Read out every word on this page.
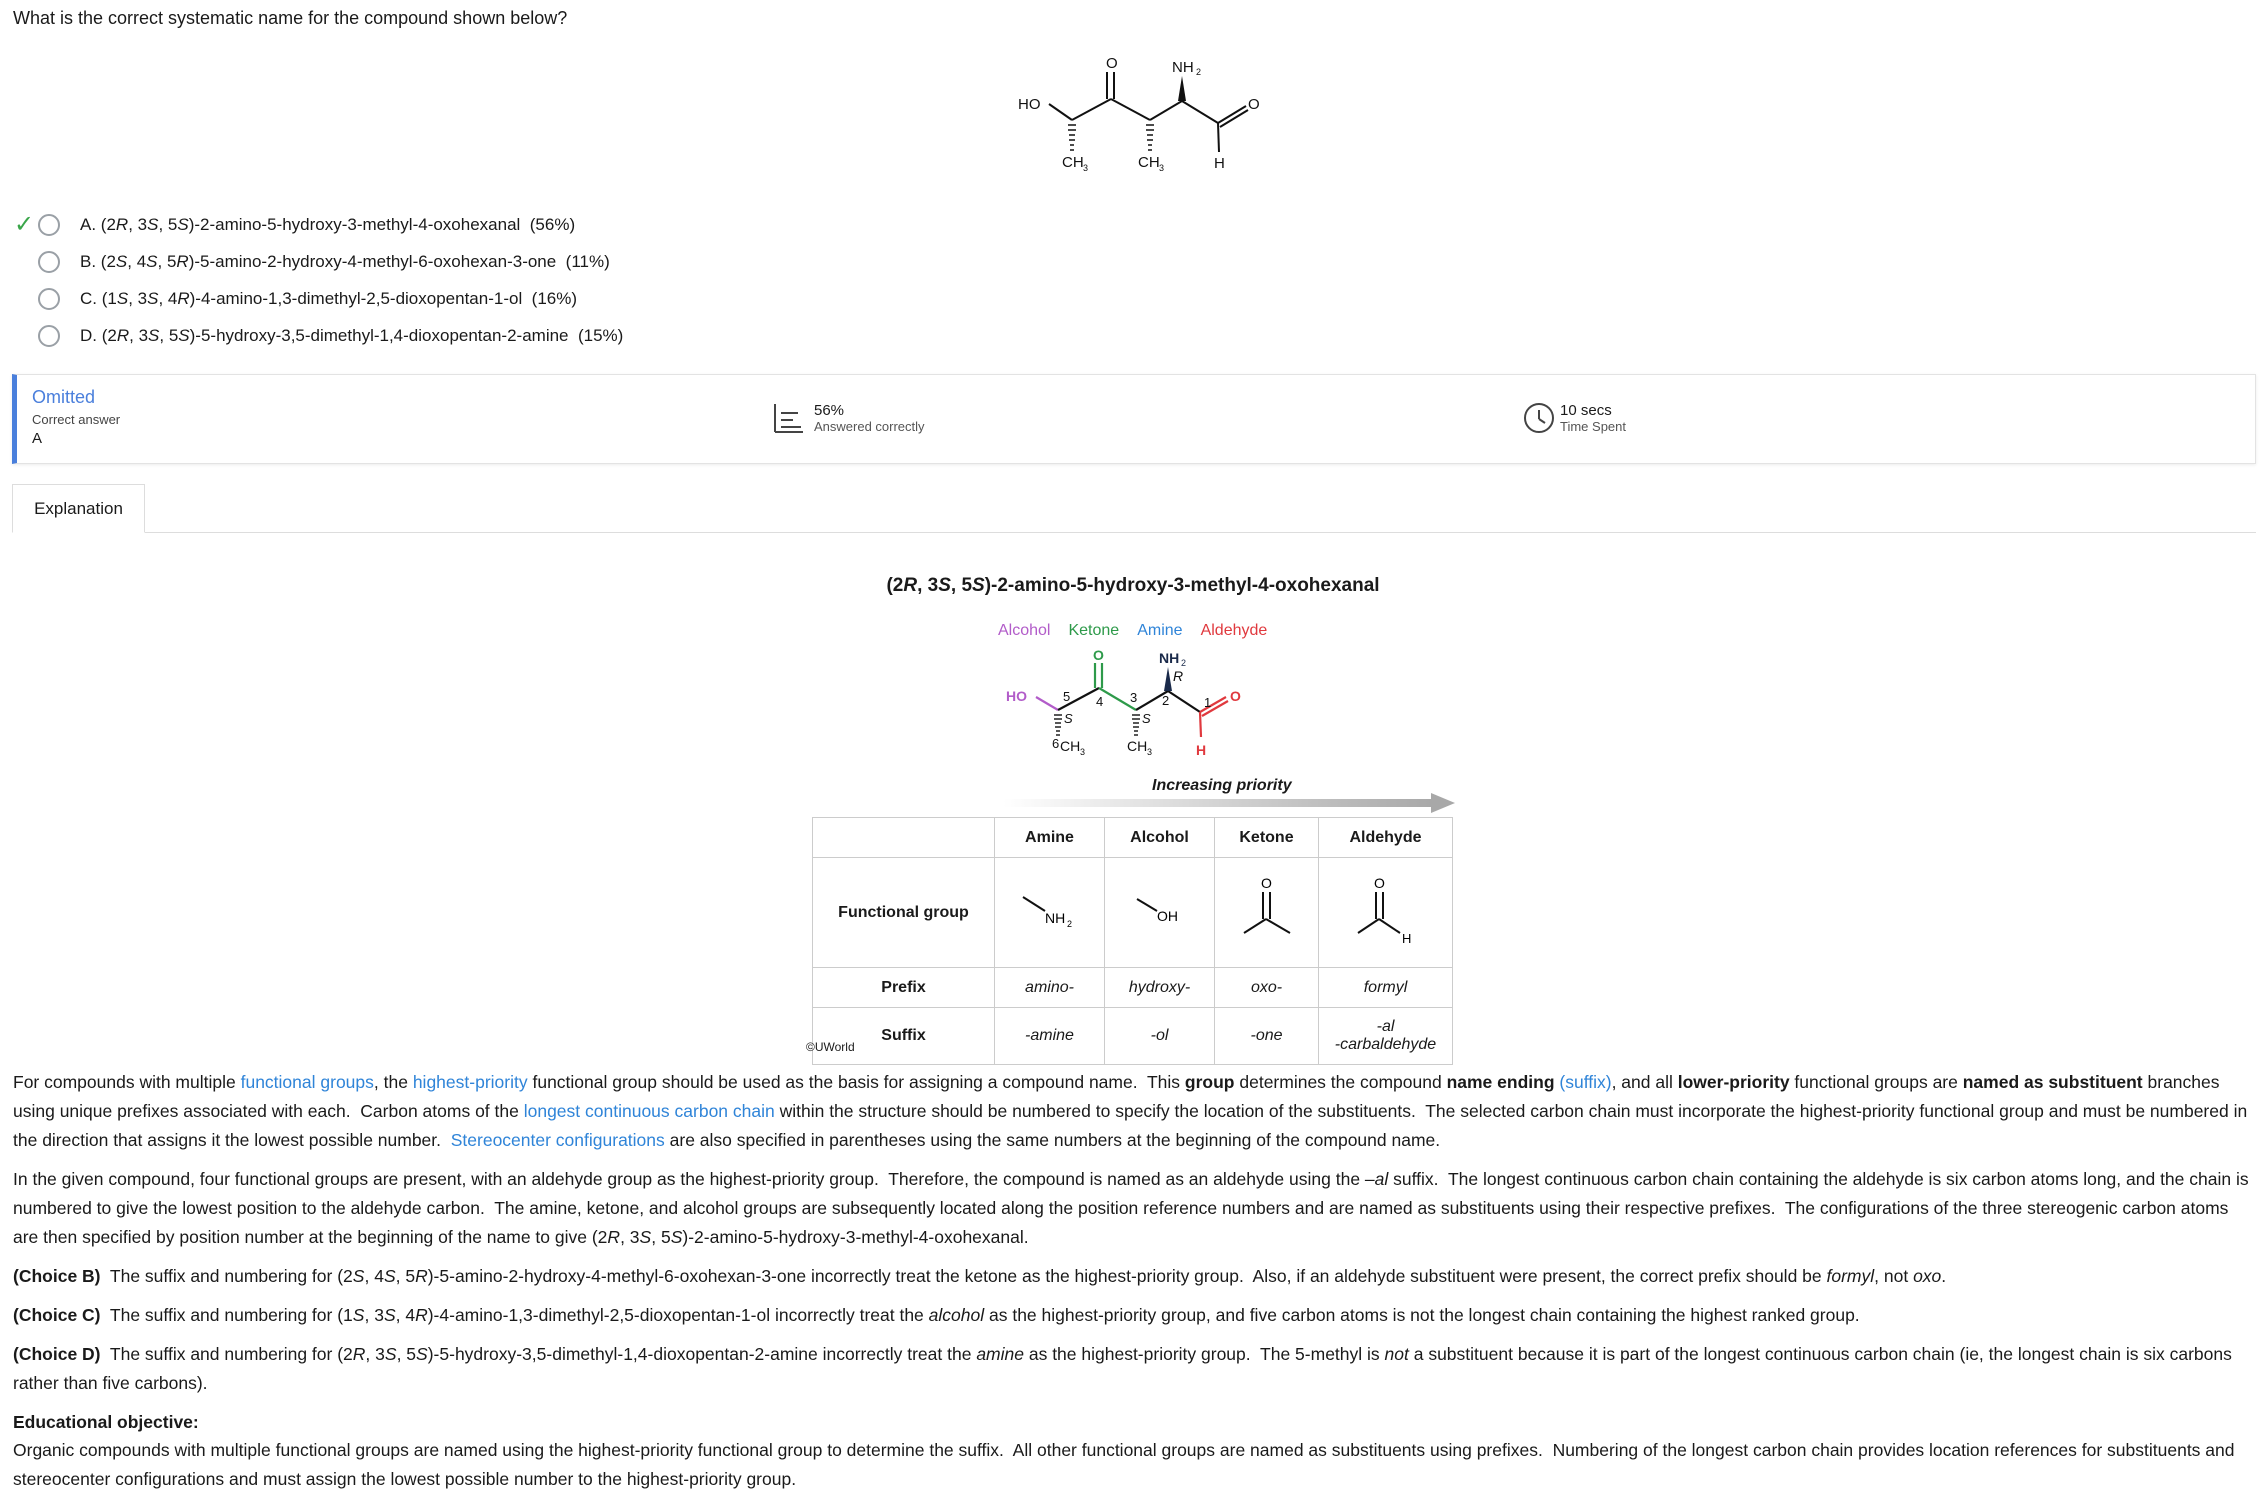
What is the correct systematic name for the compound shown below?
HO
O	NH 2
CH 3	CH 3
O
H
✓	A. (2R, 3S, 5S)-2-amino-5-hydroxy-3-methyl-4-oxohexanal  (56%)
B. (2S, 4S, 5R)-5-amino-2-hydroxy-4-methyl-6-oxohexan-3-one  (11%)
C. (1S, 3S, 4R)-4-amino-1,3-dimethyl-2,5-dioxopentan-1-ol  (16%)
D. (2R, 3S, 5S)-5-hydroxy-3,5-dimethyl-1,4-dioxopentan-2-amine  (15%)
Omitted
Correct answer
A
56%
Answered correctly
10 secs
Time Spent
Explanation
(2R, 3S, 5S)-2-amino-5-hydroxy-3-methyl-4-oxohexanal
Alcohol Ketone Amine Aldehyde
HO
O	NH 2
R
S	S
1
2
3
4
5
6 CH 3	CH 3
O
H
Increasing priority
	Amine	Alcohol	Ketone	Aldehyde
Functional group	NH 2	OH	O	O
H

Prefix	amino-	hydroxy-	oxo-	formyl
Suffix	-amine	-ol	-one	-al
-carbaldehyde
©UWorld
For compounds with multiple functional groups, the highest-priority functional group should be used as the basis for assigning a compound name.  This group determines the compound name ending (suffix), and all lower-priority functional groups are named as substituent branches using unique prefixes associated with each.  Carbon atoms of the longest continuous carbon chain within the structure should be numbered to specify the location of the substituents.  The selected carbon chain must incorporate the highest-priority functional group and must be numbered in the direction that assigns it the lowest possible number.  Stereocenter configurations are also specified in parentheses using the same numbers at the beginning of the compound name.
In the given compound, four functional groups are present, with an aldehyde group as the highest-priority group.  Therefore, the compound is named as an aldehyde using the –al suffix.  The longest continuous carbon chain containing the aldehyde is six carbon atoms long, and the chain is numbered to give the lowest position to the aldehyde carbon.  The amine, ketone, and alcohol groups are subsequently located along the position reference numbers and are named as substituents using their respective prefixes.  The configurations of the three stereogenic carbon atoms are then specified by position number at the beginning of the name to give (2R, 3S, 5S)-2-amino-5-hydroxy-3-methyl-4-oxohexanal.
(Choice B)  The suffix and numbering for (2S, 4S, 5R)-5-amino-2-hydroxy-4-methyl-6-oxohexan-3-one incorrectly treat the ketone as the highest-priority group.  Also, if an aldehyde substituent were present, the correct prefix should be formyl, not oxo.
(Choice C)  The suffix and numbering for (1S, 3S, 4R)-4-amino-1,3-dimethyl-2,5-dioxopentan-1-ol incorrectly treat the alcohol as the highest-priority group, and five carbon atoms is not the longest chain containing the highest ranked group.
(Choice D)  The suffix and numbering for (2R, 3S, 5S)-5-hydroxy-3,5-dimethyl-1,4-dioxopentan-2-amine incorrectly treat the amine as the highest-priority group.  The 5-methyl is not a substituent because it is part of the longest continuous carbon chain (ie, the longest chain is six carbons rather than five carbons).
Educational objective:
Organic compounds with multiple functional groups are named using the highest-priority functional group to determine the suffix.  All other functional groups are named as substituents using prefixes.  Numbering of the longest carbon chain provides location references for substituents and stereocenter configurations and must assign the lowest possible number to the highest-priority group.
